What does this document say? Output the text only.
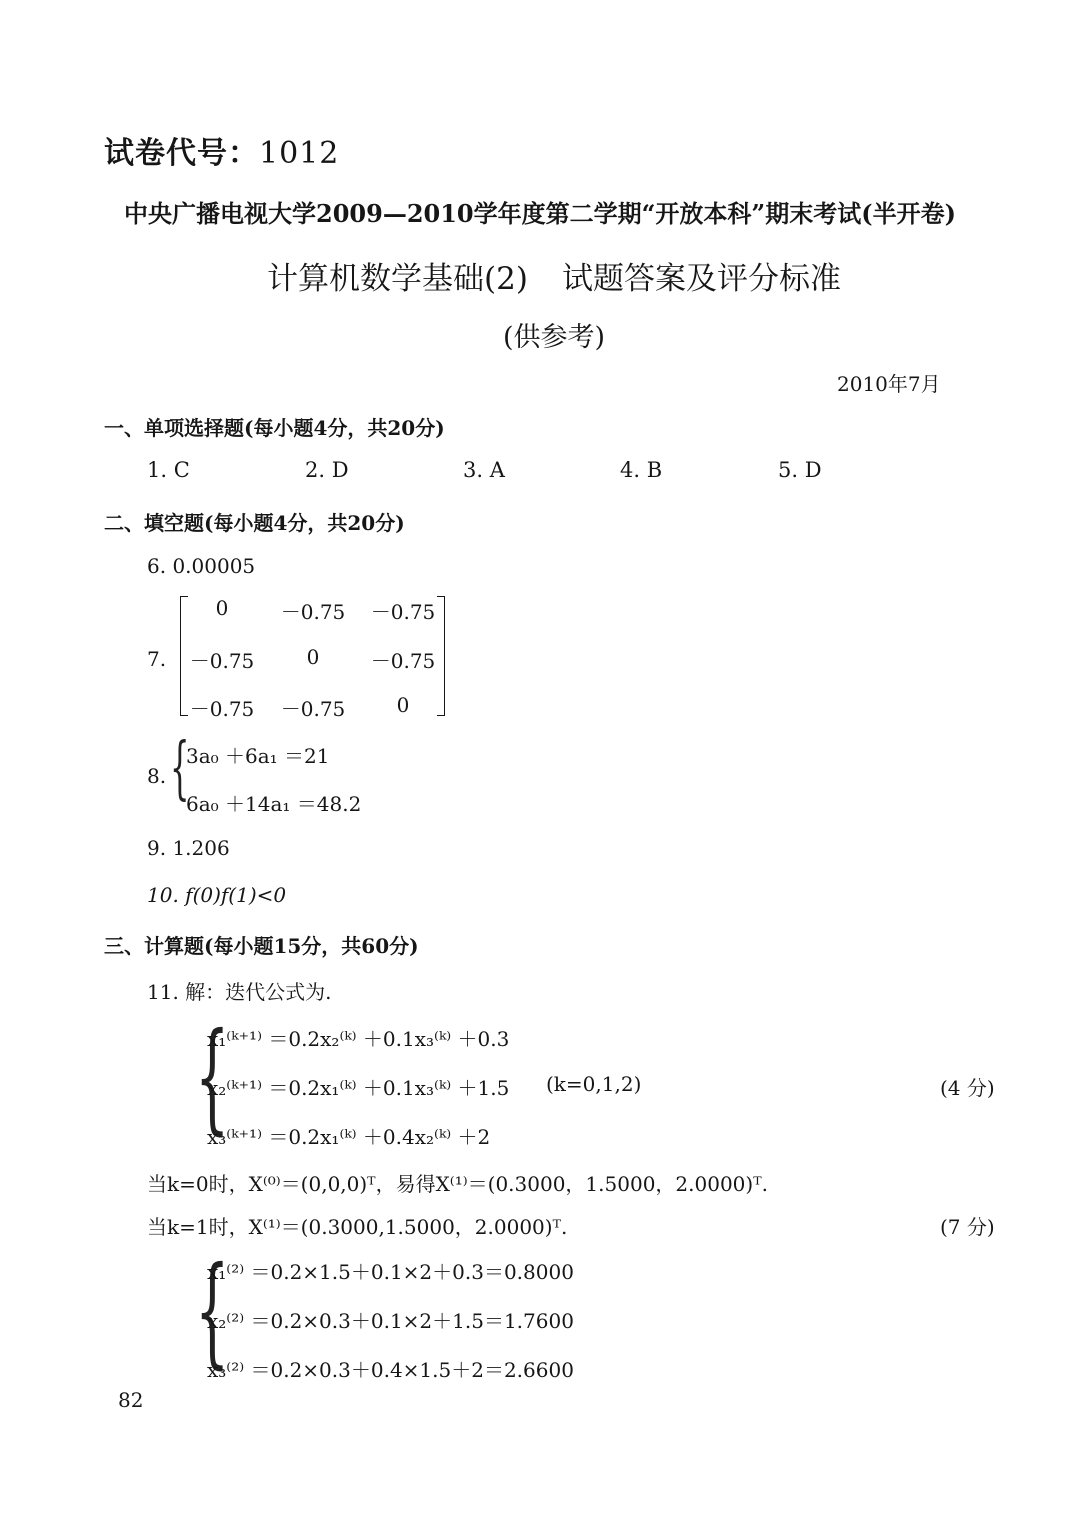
试卷代号：1012
中央广播电视大学2009—2010学年度第二学期“开放本科”期末考试(半开卷)
计算机数学基础(2) 试题答案及评分标准
(供参考)
2010年7月
一、单项选择题(每小题4分，共20分)
1. C	2. D	3. A	4. B	5. D
二、填空题(每小题4分，共20分)
6. 0.00005
7.
0	－0.75	－0.75
－0.75	0	－0.75
－0.75	－0.75	0
8. {
3a₀ ＋6a₁ ＝21
6a₀ ＋14a₁ ＝48.2
9. 1.206
10. f(0)f(1)<0
三、计算题(每小题15分，共60分)
11. 解：迭代公式为.
{
x₁⁽ᵏ⁺¹⁾ ＝0.2x₂⁽ᵏ⁾ ＋0.1x₃⁽ᵏ⁾ ＋0.3
x₂⁽ᵏ⁺¹⁾ ＝0.2x₁⁽ᵏ⁾ ＋0.1x₃⁽ᵏ⁾ ＋1.5 (k=0,1,2)
x₃⁽ᵏ⁺¹⁾ ＝0.2x₁⁽ᵏ⁾ ＋0.4x₂⁽ᵏ⁾ ＋2
(4 分)
当k=0时，X⁽⁰⁾＝(0,0,0)ᵀ，易得X⁽¹⁾＝(0.3000，1.5000，2.0000)ᵀ.
当k=1时，X⁽¹⁾＝(0.3000,1.5000，2.0000)ᵀ.	(7 分)
{
x₁⁽²⁾ ＝0.2×1.5＋0.1×2＋0.3＝0.8000
x₂⁽²⁾ ＝0.2×0.3＋0.1×2＋1.5＝1.7600
x₃⁽²⁾ ＝0.2×0.3＋0.4×1.5＋2＝2.6600
82
